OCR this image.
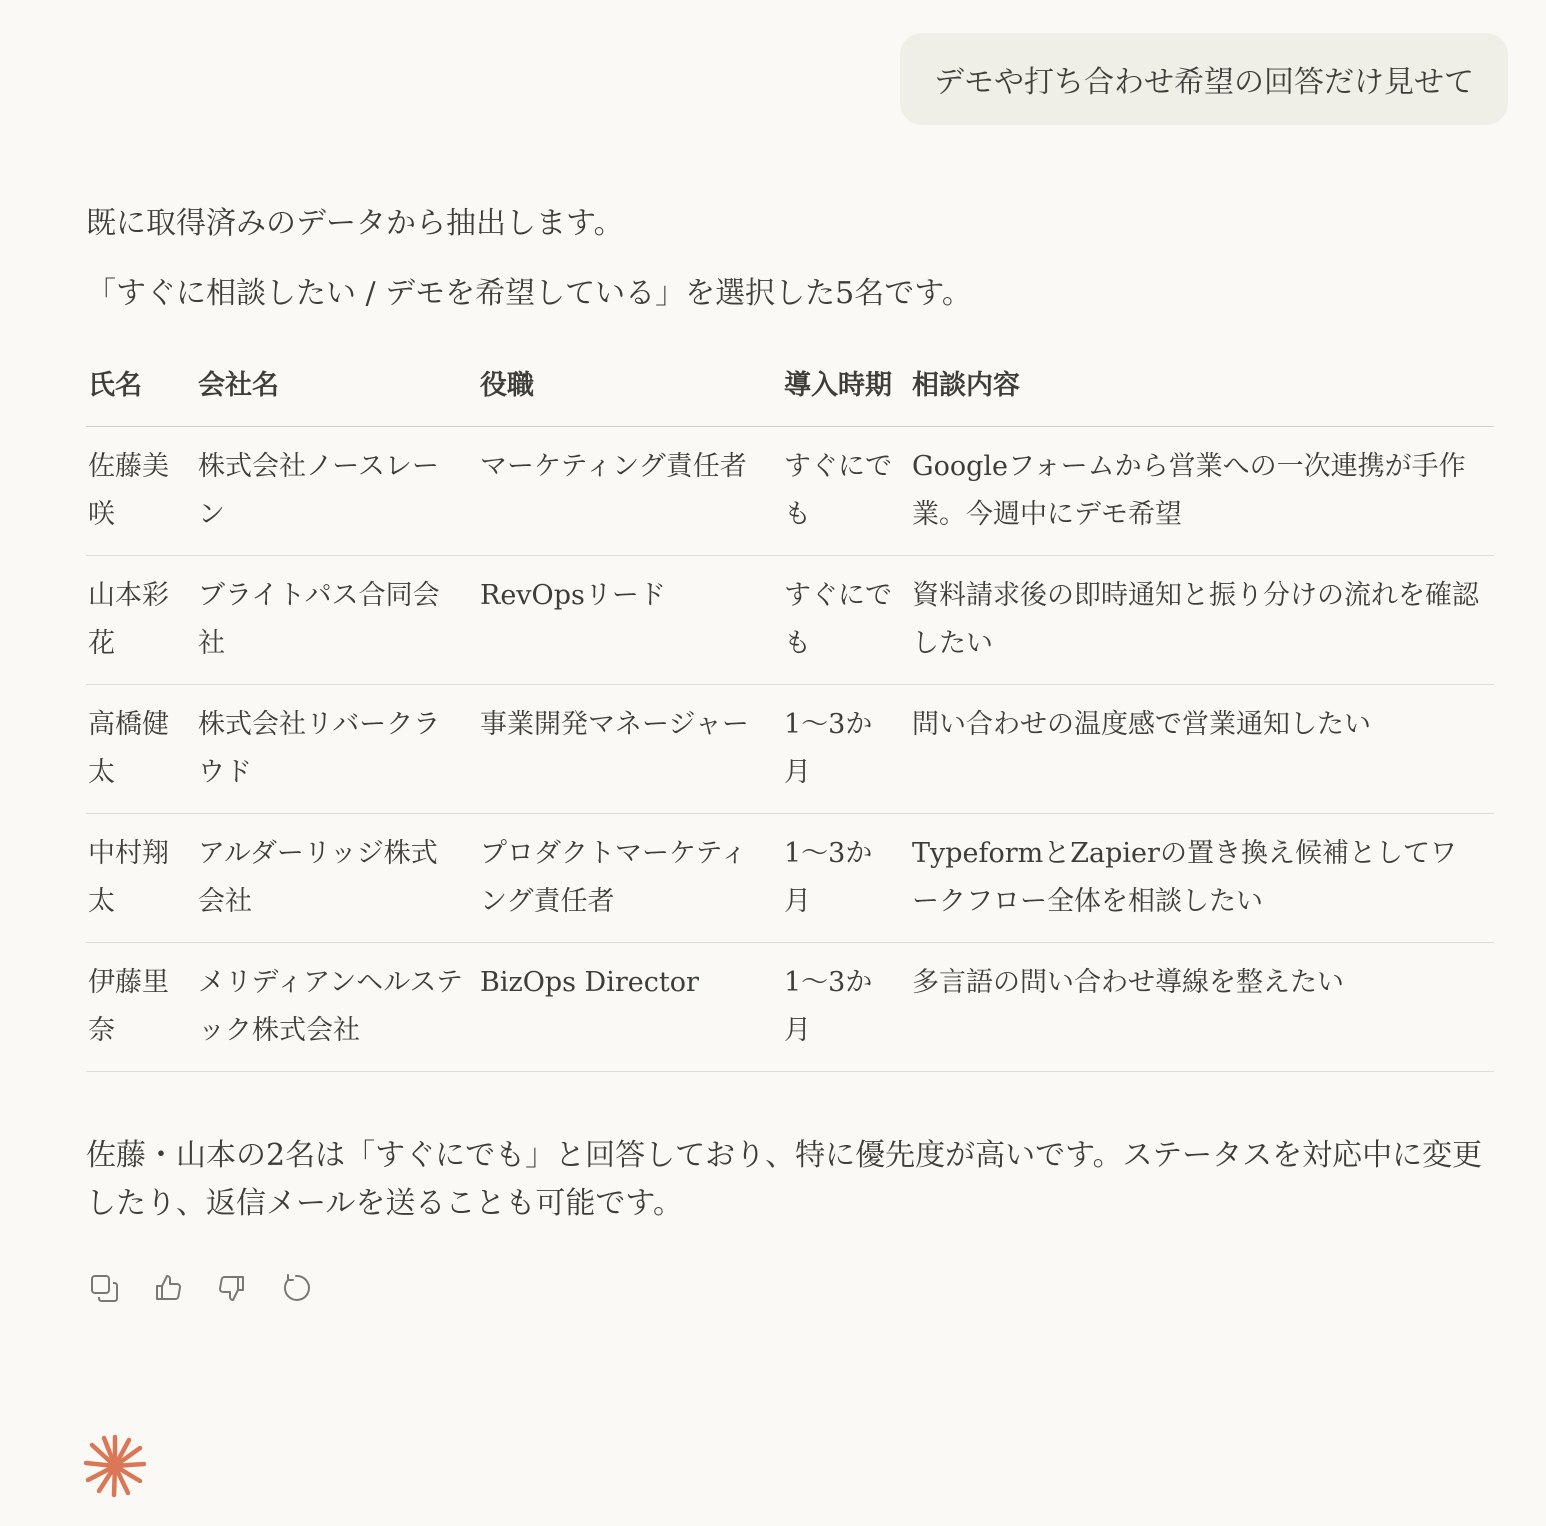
デモや打ち合わせ希望の回答だけ見せて

既に取得済みのデータから抽出します。

「すぐに相談したい / デモを希望している」を選択した5名です。

氏名	会社名	役職	導入時期	相談内容
佐藤美咲	株式会社ノースレーン	マーケティング責任者	すぐにでも	Googleフォームから営業への一次連携が手作業。今週中にデモ希望
山本彩花	ブライトパス合同会社	RevOpsリード	すぐにでも	資料請求後の即時通知と振り分けの流れを確認したい
高橋健太	株式会社リバークラウド	事業開発マネージャー	1〜3か月	問い合わせの温度感で営業通知したい
中村翔太	アルダーリッジ株式会社	プロダクトマーケティング責任者	1〜3か月	TypeformとZapierの置き換え候補としてワークフロー全体を相談したい
伊藤里奈	メリディアンヘルステック株式会社	BizOps Director	1〜3か月	多言語の問い合わせ導線を整えたい

佐藤・山本の2名は「すぐにでも」と回答しており、特に優先度が高いです。ステータスを対応中に変更したり、返信メールを送ることも可能です。
